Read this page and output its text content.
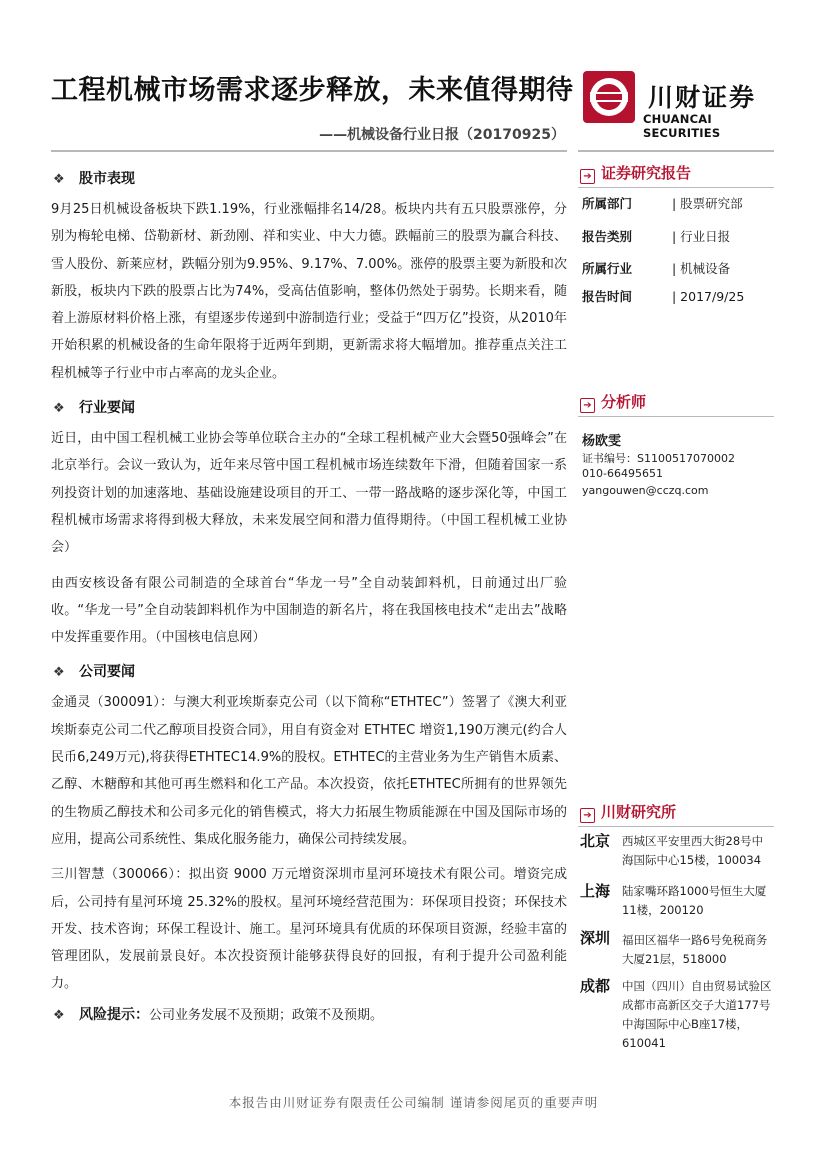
工程机械市场需求逐步释放，未来值得期待	川财证券
CHUANCAI SECURITIES
——机械设备行业日报（20170925）
❖ 股市表现

9月25日机械设备板块下跌1.19%，行业涨幅排名14/28。板块内共有五只股票涨停，分别为梅轮电梯、岱勒新材、新劲刚、祥和实业、中大力德。跌幅前三的股票为赢合科技、雪人股份、新莱应材，跌幅分别为9.95%、9.17%、7.00%。涨停的股票主要为新股和次新股，板块内下跌的股票占比为74%，受高估值影响，整体仍然处于弱势。长期来看，随着上游原材料价格上涨，有望逐步传递到中游制造行业；受益于“四万亿”投资，从2010年开始积累的机械设备的生命年限将于近两年到期，更新需求将大幅增加。推荐重点关注工程机械等子行业中市占率高的龙头企业。

❖ 行业要闻

近日，由中国工程机械工业协会等单位联合主办的“全球工程机械产业大会暨50强峰会”在北京举行。会议一致认为，近年来尽管中国工程机械市场连续数年下滑，但随着国家一系列投资计划的加速落地、基础设施建设项目的开工、一带一路战略的逐步深化等，中国工程机械市场需求将得到极大释放，未来发展空间和潜力值得期待。（中国工程机械工业协会）

由西安核设备有限公司制造的全球首台“华龙一号”全自动装卸料机，日前通过出厂验收。“华龙一号”全自动装卸料机作为中国制造的新名片，将在我国核电技术“走出去”战略中发挥重要作用。（中国核电信息网）

❖ 公司要闻

金通灵（300091）：与澳大利亚埃斯泰克公司（以下简称“ETHTEC”）签署了《澳大利亚埃斯泰克公司二代乙醇项目投资合同》，用自有资金对 ETHTEC 增资1,190万澳元(约合人民币6,249万元),将获得ETHTEC14.9%的股权。ETHTEC的主营业务为生产销售木质素、乙醇、木糖醇和其他可再生燃料和化工产品。本次投资，依托ETHTEC所拥有的世界领先的生物质乙醇技术和公司多元化的销售模式，将大力拓展生物质能源在中国及国际市场的应用，提高公司系统性、集成化服务能力，确保公司持续发展。

三川智慧（300066）：拟出资 9000 万元增资深圳市星河环境技术有限公司。增资完成后，公司持有星河环境 25.32%的股权。星河环境经营范围为：环保项目投资；环保技术开发、技术咨询；环保工程设计、施工。星河环境具有优质的环保项目资源，经验丰富的管理团队，发展前景良好。本次投资预计能够获得良好的回报，有利于提升公司盈利能力。

❖ 风险提示：公司业务发展不及预期；政策不及预期。
➔ 证券研究报告
所属部门	| 股票研究部
报告类别	| 行业日报
所属行业	| 机械设备
报告时间	| 2017/9/25
➔ 分析师
杨欧雯
证书编号：S1100517070002
010-66495651
yangouwen@cczq.com
➔ 川财研究所
北京 西城区平安里西大街28号中海国际中心15楼，100034
上海 陆家嘴环路1000号恒生大厦11楼，200120
深圳 福田区福华一路6号免税商务大厦21层，518000
成都 中国（四川）自由贸易试验区成都市高新区交子大道177号中海国际中心B座17楼，610041
本报告由川财证券有限责任公司编制 谨请参阅尾页的重要声明
